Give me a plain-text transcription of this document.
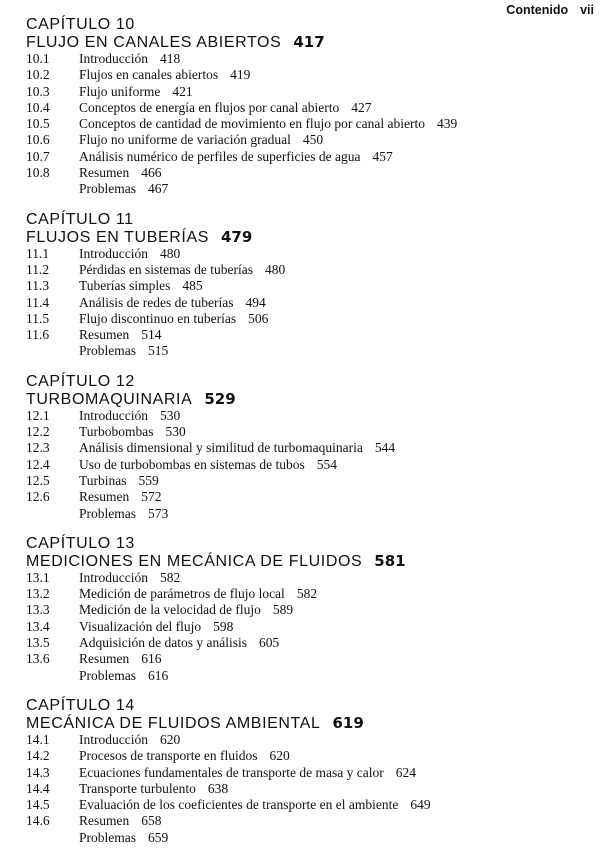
Contenido vii
CAPÍTULO 10
FLUJO EN CANALES ABIERTOS 417
10.1	Introducción 418
10.2	Flujos en canales abiertos 419
10.3	Flujo uniforme 421
10.4	Conceptos de energía en flujos por canal abierto 427
10.5	Conceptos de cantidad de movimiento en flujo por canal abierto 439
10.6	Flujo no uniforme de variación gradual 450
10.7	Análisis numérico de perfiles de superficies de agua 457
10.8	Resumen 466
Problemas 467
CAPÍTULO 11
FLUJOS EN TUBERÍAS 479
11.1	Introducción 480
11.2	Pérdidas en sistemas de tuberías 480
11.3	Tuberías simples 485
11.4	Análisis de redes de tuberías 494
11.5	Flujo discontinuo en tuberías 506
11.6	Resumen 514
Problemas 515
CAPÍTULO 12
TURBOMAQUINARIA 529
12.1	Introducción 530
12.2	Turbobombas 530
12.3	Análisis dimensional y similitud de turbomaquinaria 544
12.4	Uso de turbobombas en sistemas de tubos 554
12.5	Turbinas 559
12.6	Resumen 572
Problemas 573
CAPÍTULO 13
MEDICIONES EN MECÁNICA DE FLUIDOS 581
13.1	Introducción 582
13.2	Medición de parámetros de flujo local 582
13.3	Medición de la velocidad de flujo 589
13.4	Visualización del flujo 598
13.5	Adquisición de datos y análisis 605
13.6	Resumen 616
Problemas 616
CAPÍTULO 14
MECÁNICA DE FLUIDOS AMBIENTAL 619
14.1	Introducción 620
14.2	Procesos de transporte en fluidos 620
14.3	Ecuaciones fundamentales de transporte de masa y calor 624
14.4	Transporte turbulento 638
14.5	Evaluación de los coeficientes de transporte en el ambiente 649
14.6	Resumen 658
Problemas 659
